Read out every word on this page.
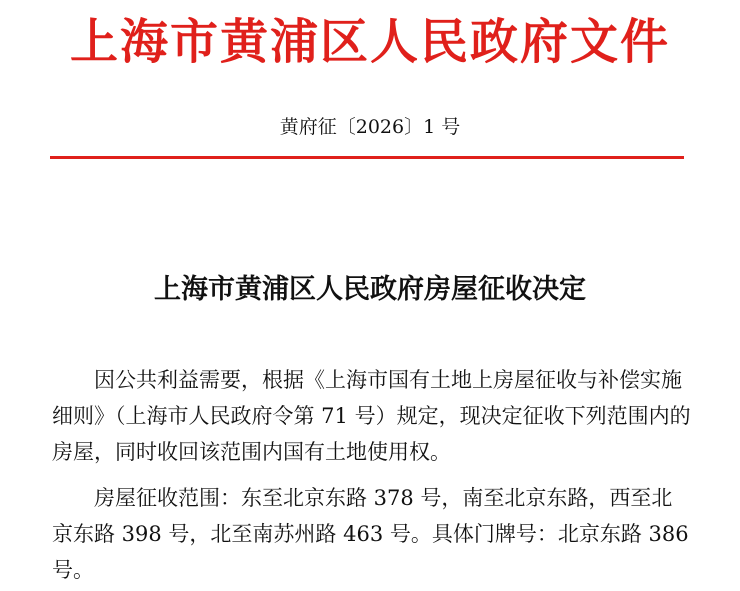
上海市黄浦区人民政府文件
黄府征〔2026〕1 号
上海市黄浦区人民政府房屋征收决定

因公共利益需要，根据《上海市国有土地上房屋征收与补偿实施细则》（上海市人民政府令第 71 号）规定，现决定征收下列范围内的房屋，同时收回该范围内国有土地使用权。

房屋征收范围：东至北京东路 378 号，南至北京东路，西至北京东路 398 号，北至南苏州路 463 号。具体门牌号：北京东路 386 号。
